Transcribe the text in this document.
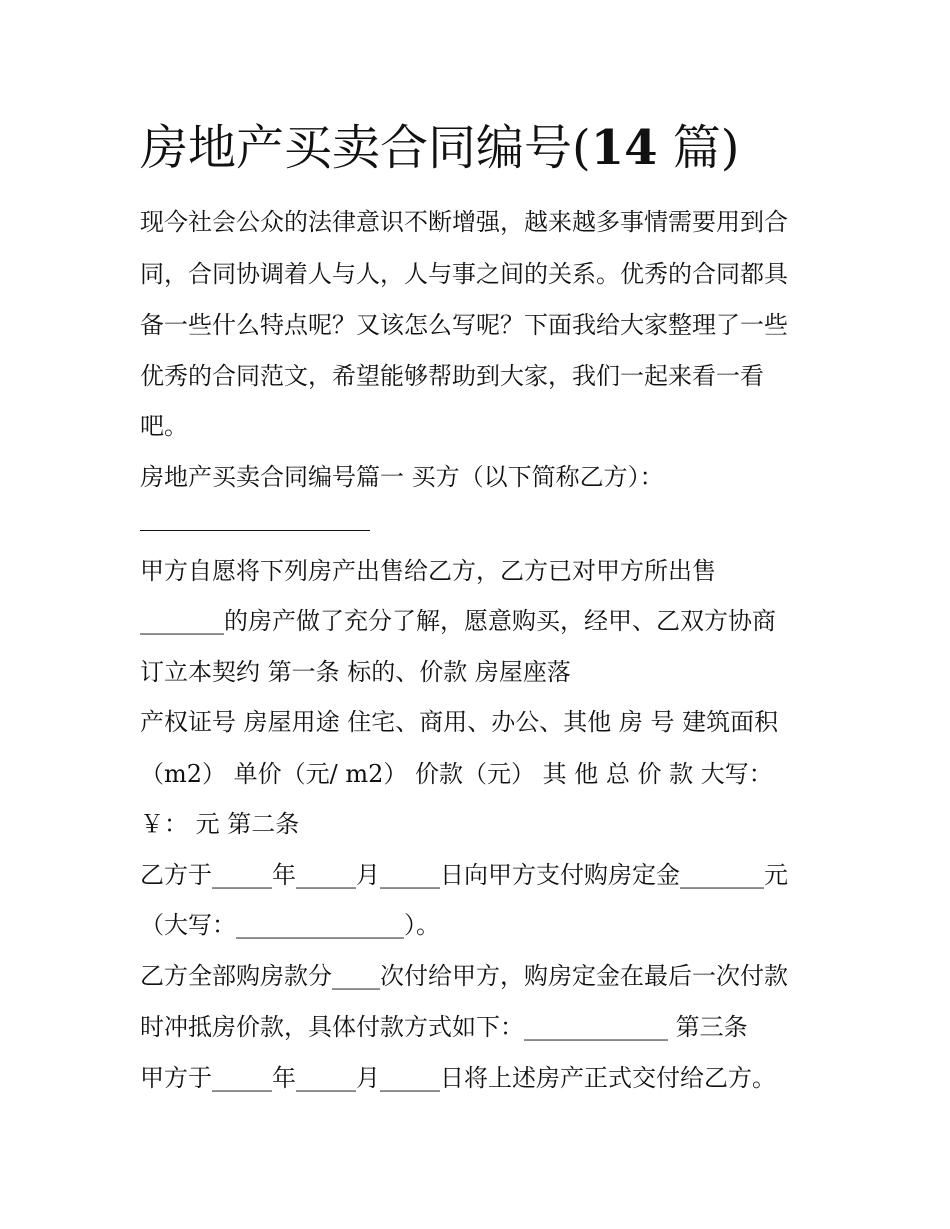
房地产买卖合同编号(14 篇)

现今社会公众的法律意识不断增强，越来越多事情需要用到合

同，合同协调着人与人，人与事之间的关系。优秀的合同都具

备一些什么特点呢？又该怎么写呢？下面我给大家整理了一些

优秀的合同范文，希望能够帮助到大家，我们一起来看一看

吧。

房地产买卖合同编号篇一 买方（以下简称乙方）：

甲方自愿将下列房产出售给乙方，乙方已对甲方所出售

_______的房产做了充分了解，愿意购买，经甲、乙双方协商

订立本契约 第一条 标的、价款 房屋座落

产权证号 房屋用途 住宅、商用、办公、其他 房 号 建筑面积

（m2） 单价（元/ m2） 价款（元） 其 他 总 价 款 大写：

￥： 元 第二条

乙方于_____年_____月_____日向甲方支付购房定金_______元

（大写：______________）。

乙方全部购房款分____次付给甲方，购房定金在最后一次付款

时冲抵房价款，具体付款方式如下：____________ 第三条

甲方于_____年_____月_____日将上述房产正式交付给乙方。
